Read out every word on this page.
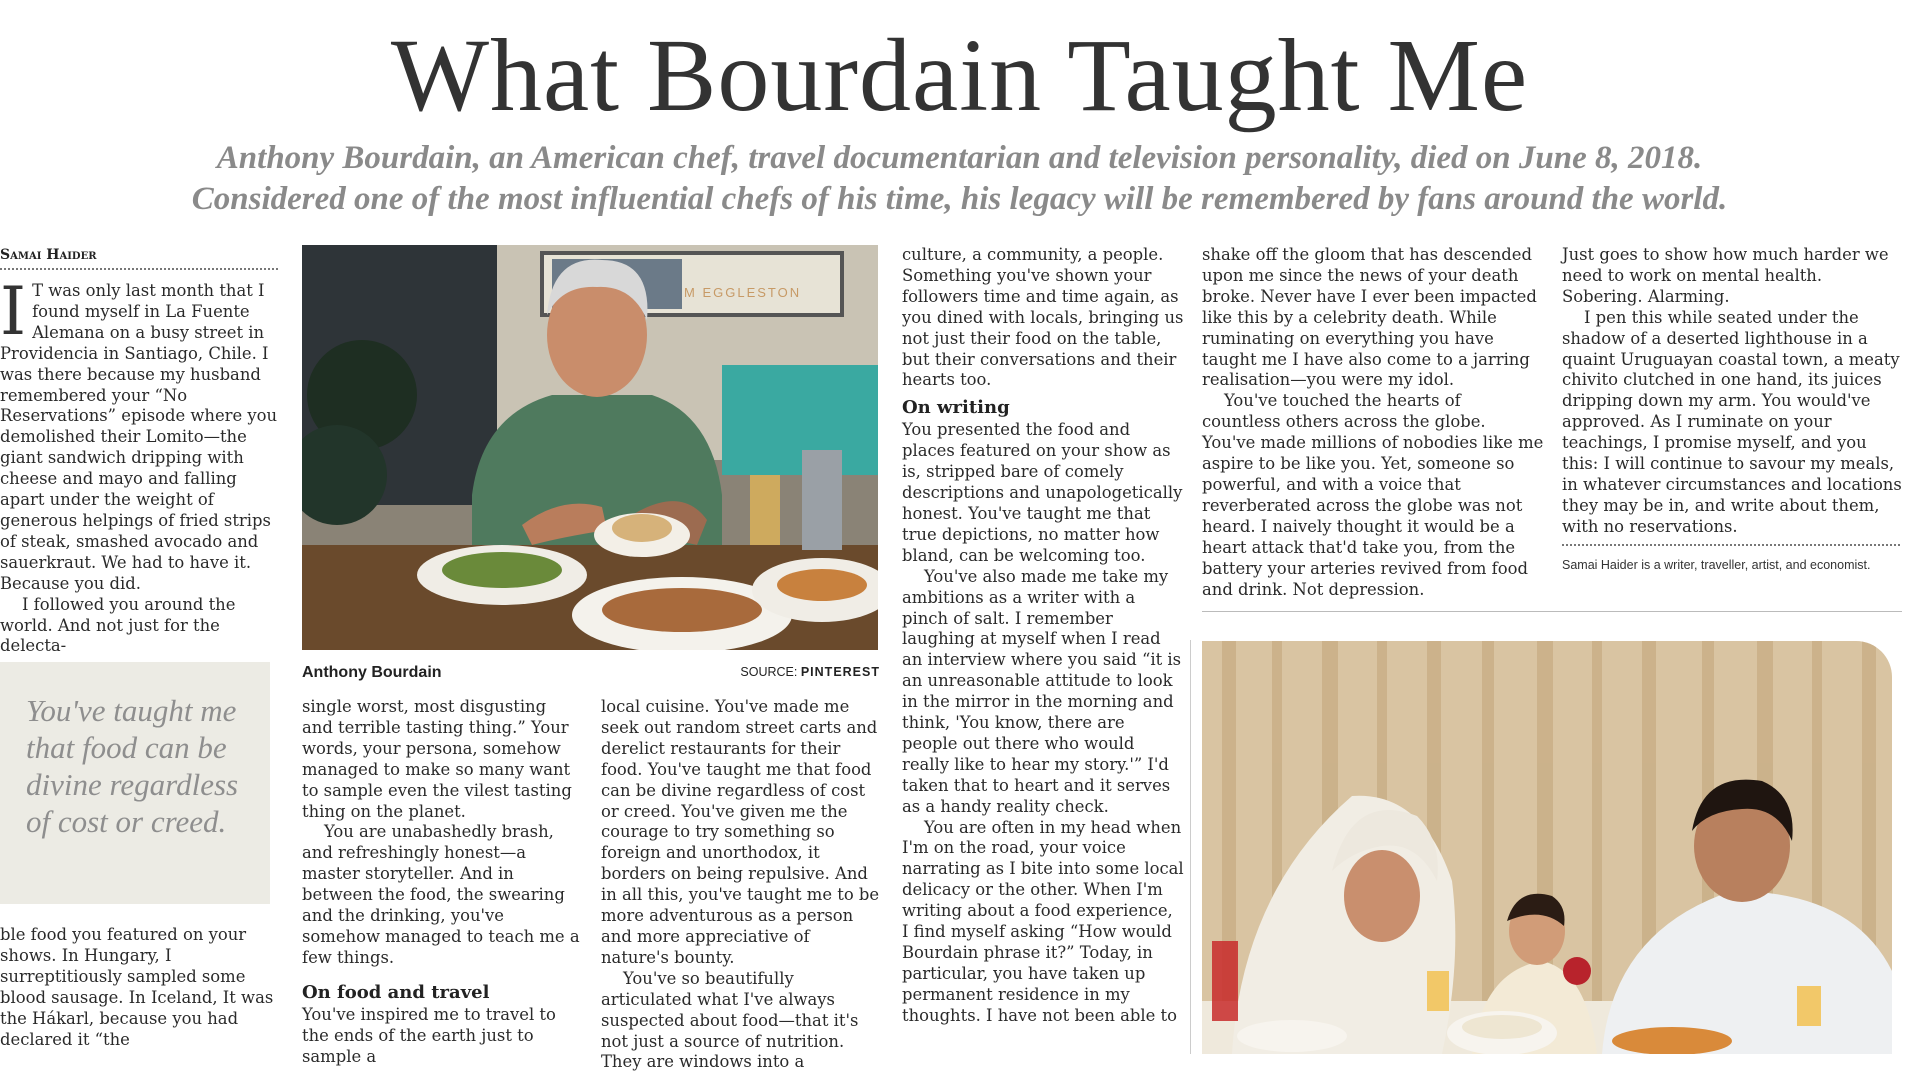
What Bourdain Taught Me
Anthony Bourdain, an American chef, travel documentarian and television personality, died on June 8, 2018.
Considered one of the most influential chefs of his time, his legacy will be remembered by fans around the world.
Samai Haider

I T was only last month that I found myself in La Fuente Alemana on a busy street in Providencia in Santiago, Chile. I was there because my husband remembered your “No Reservations” episode where you demolished their Lomito—the giant sandwich dripping with cheese and mayo and falling apart under the weight of generous helpings of fried strips of steak, smashed avocado and sauerkraut. We had to have it. Because you did.

I followed you around the world. And not just for the delecta-

You've taught me that food can be divine regardless of cost or creed.

ble food you featured on your shows. In Hungary, I surreptitiously sampled some blood sausage. In Iceland, It was the Hákarl, because you had declared it “the

M EGGLESTON
Anthony Bourdain	SOURCE: PINTEREST

single worst, most disgusting and terrible tasting thing.” Your words, your persona, somehow managed to make so many want to sample even the vilest tasting thing on the planet.

You are unabashedly brash, and refreshingly honest—a master storyteller. And in between the food, the swearing and the drinking, you've somehow managed to teach me a few things.

On food and travel

You've inspired me to travel to the ends of the earth just to sample a

local cuisine. You've made me seek out random street carts and derelict restaurants for their food. You've taught me that food can be divine regardless of cost or creed. You've given me the courage to try something so foreign and unorthodox, it borders on being repulsive. And in all this, you've taught me to be more adventurous as a person and more appreciative of nature's bounty.

You've so beautifully articulated what I've always suspected about food—that it's not just a source of nutrition. They are windows into a

culture, a community, a people. Something you've shown your followers time and time again, as you dined with locals, bringing us not just their food on the table, but their conversations and their hearts too.

On writing

You presented the food and places featured on your show as is, stripped bare of comely descriptions and unapologetically honest. You've taught me that true depictions, no matter how bland, can be welcoming too.

You've also made me take my ambitions as a writer with a pinch of salt. I remember laughing at myself when I read an interview where you said “it is an unreasonable attitude to look in the mirror in the morning and think, 'You know, there are people out there who would really like to hear my story.'” I'd taken that to heart and it serves as a handy reality check.

You are often in my head when I'm on the road, your voice narrating as I bite into some local delicacy or the other. When I'm writing about a food experience, I find myself asking “How would Bourdain phrase it?” Today, in particular, you have taken up permanent residence in my thoughts. I have not been able to

shake off the gloom that has descended upon me since the news of your death broke. Never have I ever been impacted like this by a celebrity death. While ruminating on everything you have taught me I have also come to a jarring realisation—you were my idol.

You've touched the hearts of countless others across the globe. You've made millions of nobodies like me aspire to be like you. Yet, someone so powerful, and with a voice that reverberated across the globe was not heard. I naively thought it would be a heart attack that'd take you, from the battery your arteries revived from food and drink. Not depression.

Just goes to show how much harder we need to work on mental health. Sobering. Alarming.

I pen this while seated under the shadow of a deserted lighthouse in a quaint Uruguayan coastal town, a meaty chivito clutched in one hand, its juices dripping down my arm. You would've approved. As I ruminate on your teachings, I promise myself, and you this: I will continue to savour my meals, in whatever circumstances and locations they may be in, and write about them, with no reservations.

Samai Haider is a writer, traveller, artist, and economist.
